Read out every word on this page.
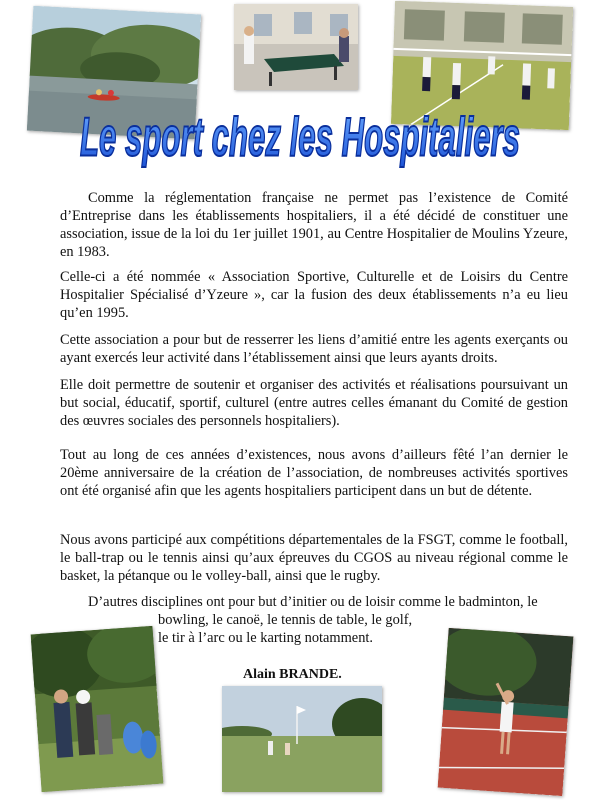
Le sport chez les Hospitaliers

Comme la réglementation française ne permet pas l’existence de Comité d’Entreprise dans les établissements hospitaliers, il a été décidé de constituer une association, issue de la loi du 1er juillet 1901, au Centre Hospitalier de Moulins Yzeure, en 1983.

Celle-ci a été nommée « Association Sportive, Culturelle et de Loisirs du Centre Hospitalier Spécialisé d’Yzeure », car la fusion des deux établissements n’a eu lieu qu’en 1995.

Cette association a pour but de resserrer les liens d’amitié entre les agents exerçants ou ayant exercés leur activité dans l’établissement ainsi que leurs ayants droits.

Elle doit permettre de soutenir et organiser des activités et réalisations poursuivant un but social, éducatif, sportif, culturel (entre autres celles émanant du Comité de gestion des œuvres sociales des personnels hospitaliers).

Tout au long de ces années d’existences, nous avons d’ailleurs fêté l’an dernier le 20ème anniversaire de la création de l’association, de nombreuses activités sportives ont été organisé afin que les agents hospitaliers participent dans un but de détente.

Nous avons participé aux compétitions départementales de la FSGT, comme le football, le ball-trap ou le tennis ainsi qu’aux épreuves du CGOS au niveau régional comme le basket, la pétanque ou le volley-ball, ainsi que le rugby.

D’autres disciplines ont pour but d’initier ou de loisir comme le badminton, le

bowling, le canoë, le tennis de table, le golf,

le tir à l’arc ou le karting notamment.

Alain BRANDE.
